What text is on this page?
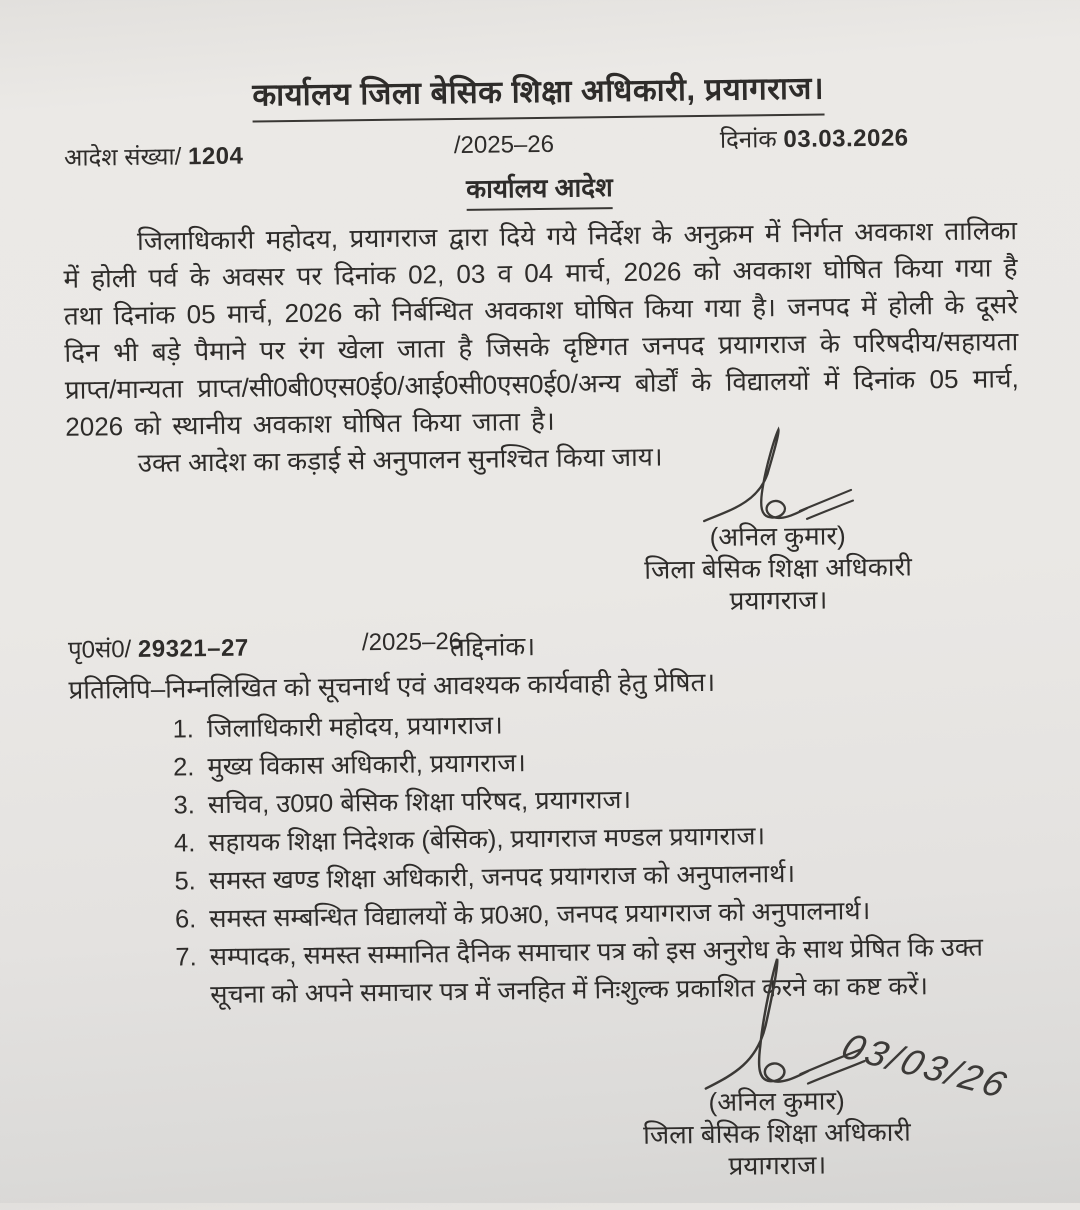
कार्यालय जिला बेसिक शिक्षा अधिकारी, प्रयागराज।
आदेश संख्या/ 1204	/2025–26	दिनांक 03.03.2026
कार्यालय आदेश

जिलाधिकारी महोदय, प्रयागराज द्वारा दिये गये निर्देश के अनुक्रम में निर्गत अवकाश तालिका में होली पर्व के अवसर पर दिनांक 02, 03 व 04 मार्च, 2026 को अवकाश घोषित किया गया है तथा दिनांक 05 मार्च, 2026 को निर्बन्धित अवकाश घोषित किया गया है। जनपद में होली के दूसरे दिन भी बड़े पैमाने पर रंग खेला जाता है जिसके दृष्टिगत जनपद प्रयागराज के परिषदीय/सहायता प्राप्त/मान्यता प्राप्त/सी0बी0एस0ई0/आई0सी0एस0ई0/अन्य बोर्डों के विद्यालयों में दिनांक 05 मार्च, 2026 को स्थानीय अवकाश घोषित किया जाता है।

उक्त आदेश का कड़ाई से अनुपालन सुनश्चित किया जाय।

(अनिल कुमार)
जिला बेसिक शिक्षा अधिकारी
प्रयागराज।
पृ0सं0/ 29321–27	/2025–26
तद्दिनांक।

प्रतिलिपि–निम्नलिखित को सूचनार्थ एवं आवश्यक कार्यवाही हेतु प्रेषित।

1. जिलाधिकारी महोदय, प्रयागराज।
2. मुख्य विकास अधिकारी, प्रयागराज।
3. सचिव, उ0प्र0 बेसिक शिक्षा परिषद, प्रयागराज।
4. सहायक शिक्षा निदेशक (बेसिक), प्रयागराज मण्डल प्रयागराज।
5. समस्त खण्ड शिक्षा अधिकारी, जनपद प्रयागराज को अनुपालनार्थ।
6. समस्त सम्बन्धित विद्यालयों के प्र0अ0, जनपद प्रयागराज को अनुपालनार्थ।
7. सम्पादक, समस्त सम्मानित दैनिक समाचार पत्र को इस अनुरोध के साथ प्रेषित कि उक्त सूचना को अपने समाचार पत्र में जनहित में निःशुल्क प्रकाशित करने का कष्ट करें।
03/03/26
(अनिल कुमार)
जिला बेसिक शिक्षा अधिकारी
प्रयागराज।
